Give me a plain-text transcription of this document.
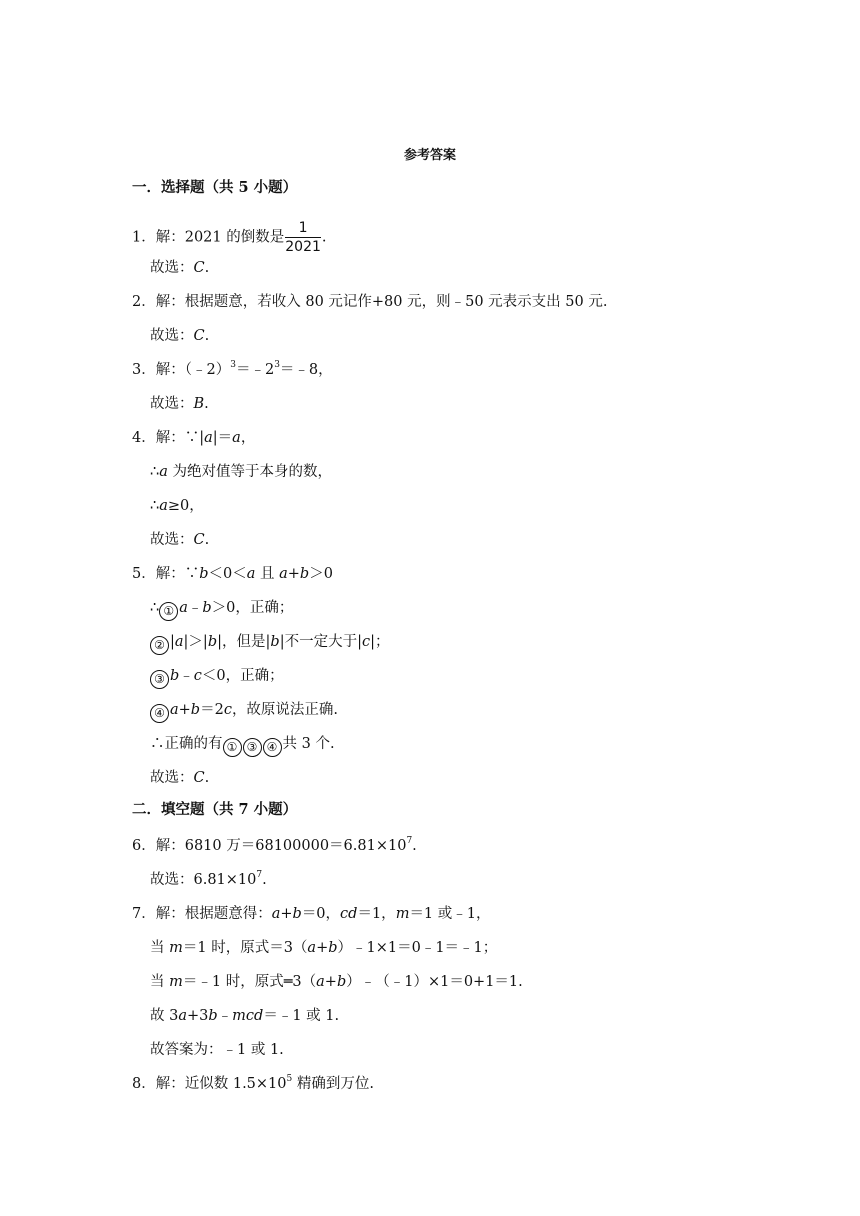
参考答案
一．选择题（共 5 小题）
1．解：2021 的倒数是 $\frac{1}{2021}$ .
故选：C.
2．解：根据题意，若收入 80 元记作+80 元，则﹣50 元表示支出 50 元.
故选：C.
3．解：$(﹣2)^3=﹣2^3=﹣8$，
故选：B.
4．解：∵|a|＝a，
∴a 为绝对值等于本身的数，
∴a≥0，
故选：C.
5．解：∵b＜0＜a 且 a+b＞0
∴ ① a﹣b＞0，正确；
② |a|＞|b|，但是|b|不一定大于|c|；
③ b﹣c＜0，正确；
④ a+b＝2c，故原说法正确.
∴正确的有 ① ③ ④ 共 3 个.
故选：C.
二．填空题（共 7 小题）
6．解：6810 万$=68100000=6.81\times 10^7$.
故选：$6.81\times 10^7$.
7．解：根据题意得：a+b＝0，cd＝1，m＝1 或﹣1，
当 m＝1 时，原式＝3（a+b）﹣1×1＝0﹣1＝﹣1；
当 m＝﹣1 时，原式═3（a+b）﹣（﹣1）×1＝0+1＝1.
故 3a+3b﹣mcd＝﹣1 或 1.
故答案为：﹣1 或 1.
8．解：近似数 $1.5\times 10^5$ 精确到万位.
